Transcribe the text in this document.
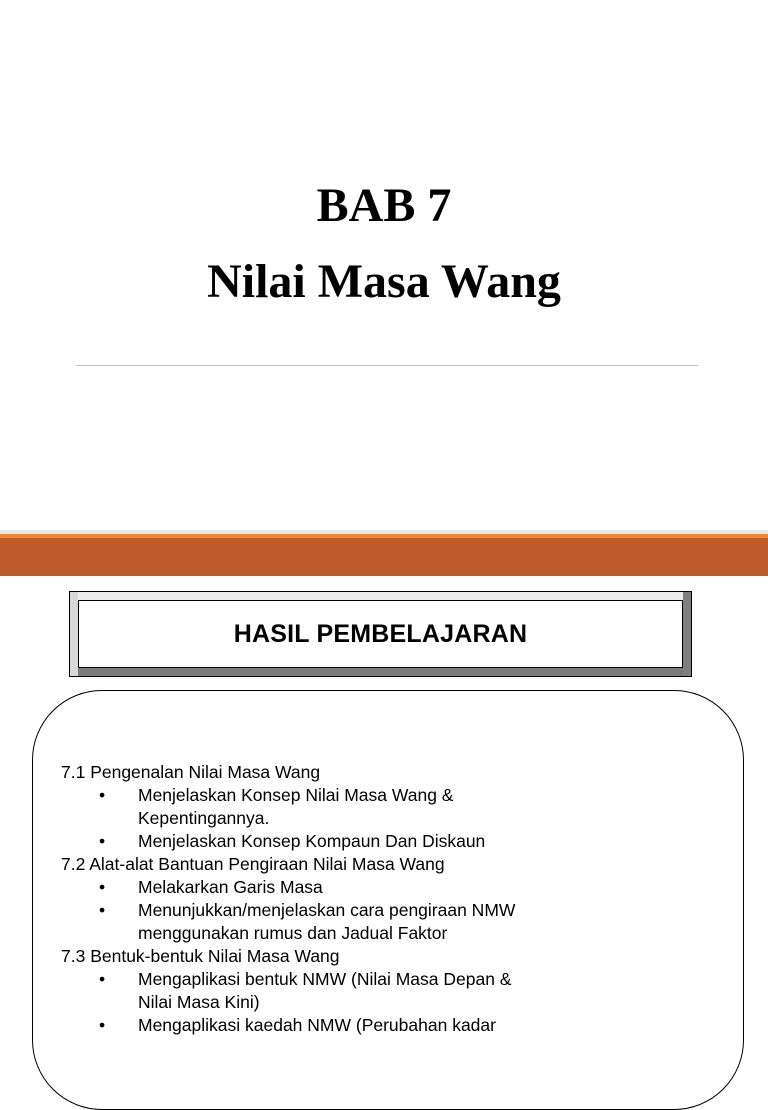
BAB 7
Nilai Masa Wang
HASIL PEMBELAJARAN
7.1 Pengenalan Nilai Masa Wang
• Menjelaskan Konsep Nilai Masa Wang &
Kepentingannya.
• Menjelaskan Konsep Kompaun Dan Diskaun
7.2 Alat-alat Bantuan Pengiraan Nilai Masa Wang
• Melakarkan Garis Masa
• Menunjukkan/menjelaskan cara pengiraan NMW
menggunakan rumus dan Jadual Faktor
7.3 Bentuk-bentuk Nilai Masa Wang
• Mengaplikasi bentuk NMW (Nilai Masa Depan &
Nilai Masa Kini)
• Mengaplikasi kaedah NMW (Perubahan kadar
